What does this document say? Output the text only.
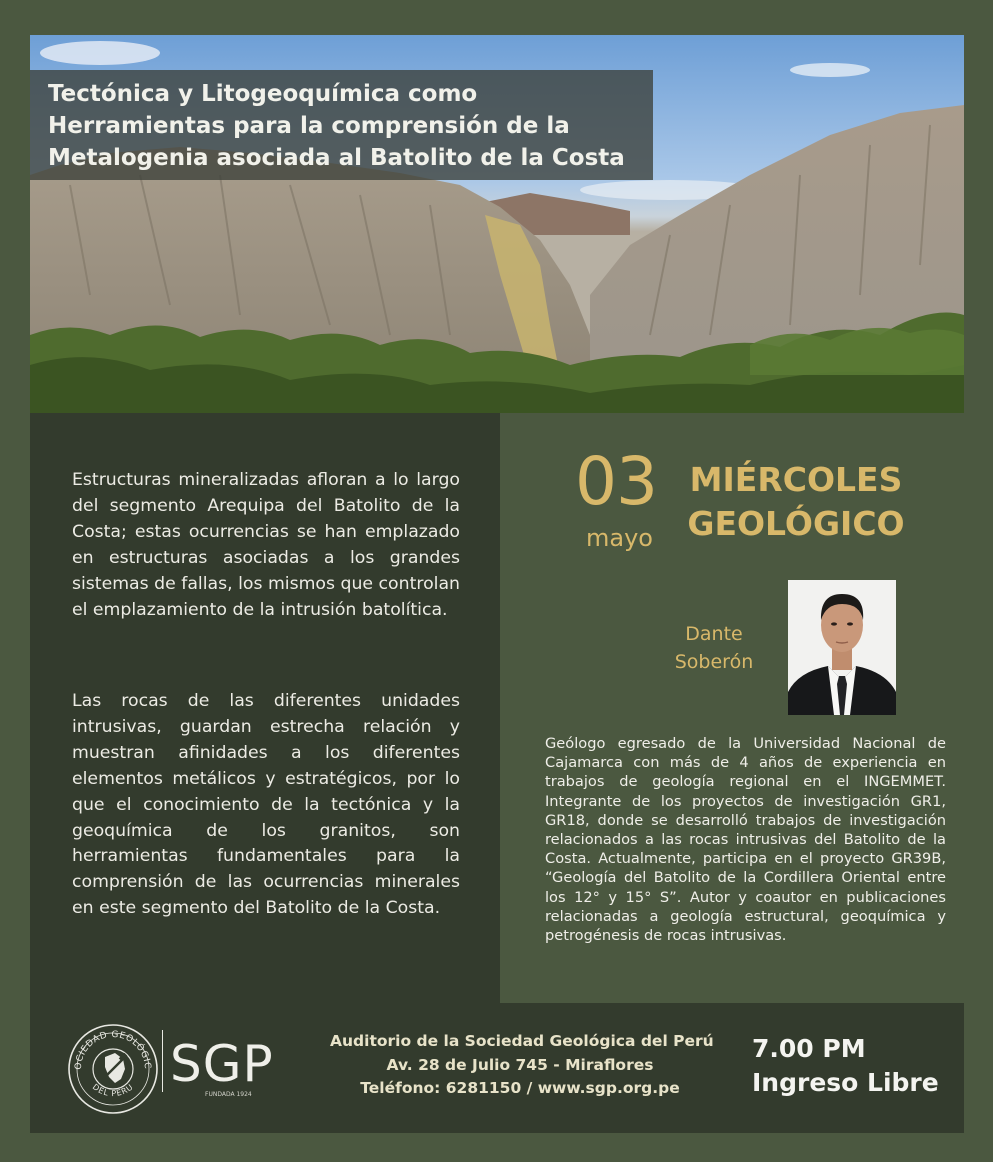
Tectónica y Litogeoquímica como
Herramientas para la comprensión de la
Metalogenia asociada al Batolito de la Costa

Estructuras mineralizadas afloran a lo largo del segmento Arequipa del Batolito de la Costa; estas ocurrencias se han emplazado en estructuras asociadas a los grandes sistemas de fallas, los mismos que controlan el emplazamiento de la intrusión batolítica.

Las rocas de las diferentes unidades intrusivas, guardan estrecha relación y muestran afinidades a los diferentes elementos metálicos y estratégicos, por lo que el conocimiento de la tectónica y la geoquímica de los granitos, son herramientas fundamentales para la comprensión de las ocurrencias minerales en este segmento del Batolito de la Costa.

03
mayo
MIÉRCOLES
GEOLÓGICO
Dante
Soberón

Geólogo egresado de la Universidad Nacional de Cajamarca con más de 4 años de experiencia en trabajos de geología regional en el INGEMMET. Integrante de los proyectos de investigación GR1, GR18, donde se desarrolló trabajos de investigación relacionados a las rocas intrusivas del Batolito de la Costa. Actualmente, participa en el proyecto GR39B, “Geología del Batolito de la Cordillera Oriental entre los 12° y 15° S”. Autor y coautor en publicaciones relacionadas a geología estructural, geoquímica y petrogénesis de rocas intrusivas.

OCIEDAD GEOLÓGIC
DEL PERU SGP
FUNDADA 1924
Auditorio de la Sociedad Geológica del Perú
Av. 28 de Julio 745 - Miraflores
Teléfono: 6281150 / www.sgp.org.pe
7.00 PM
Ingreso Libre
